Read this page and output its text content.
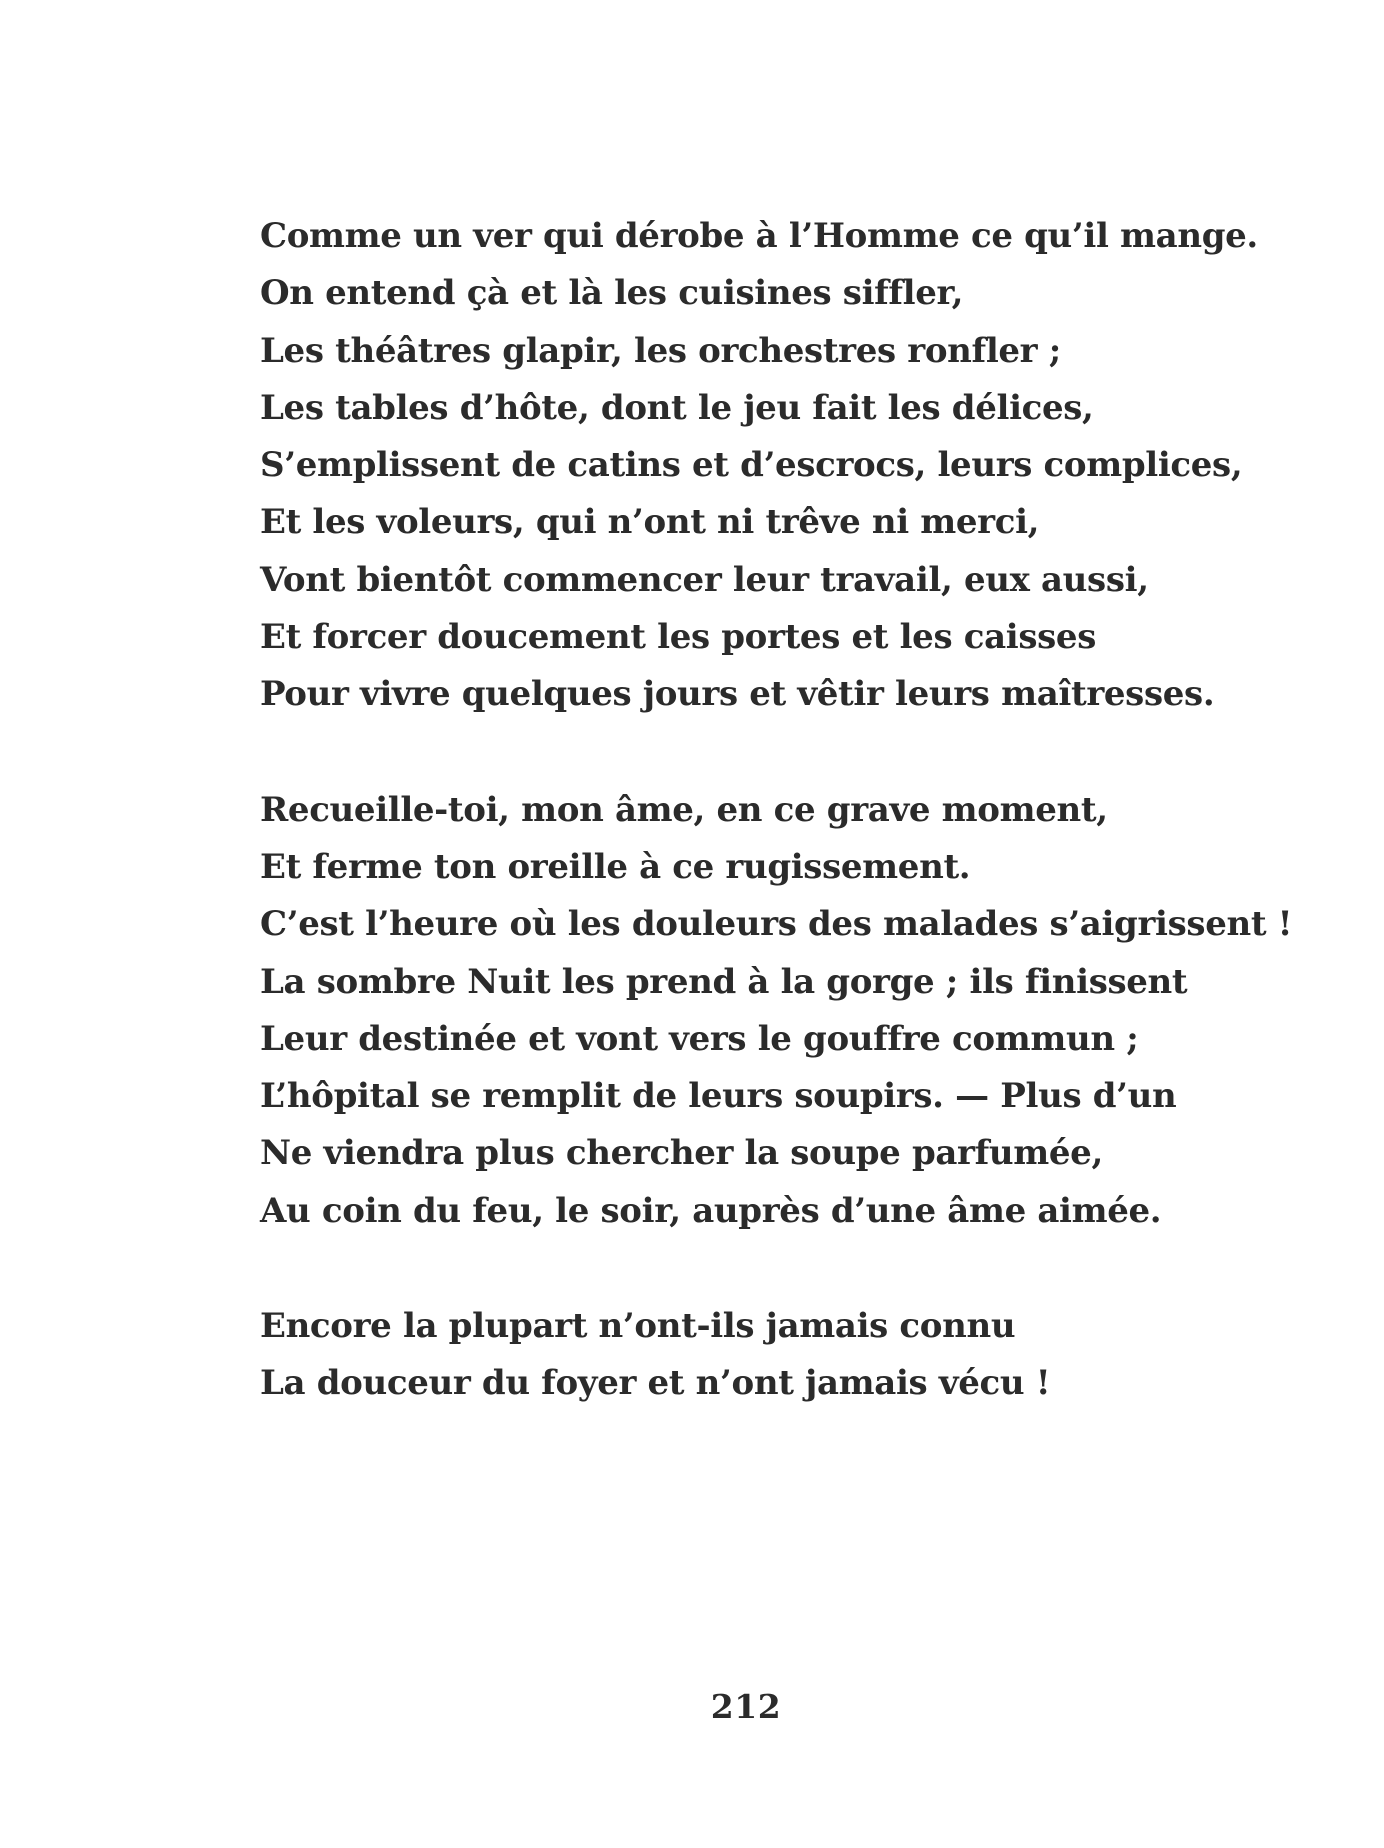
Comme un ver qui dérobe à l’Homme ce qu’il mange.

On entend çà et là les cuisines siffler,

Les théâtres glapir, les orchestres ronfler ;

Les tables d’hôte, dont le jeu fait les délices,

S’emplissent de catins et d’escrocs, leurs complices,

Et les voleurs, qui n’ont ni trêve ni merci,

Vont bientôt commencer leur travail, eux aussi,

Et forcer doucement les portes et les caisses

Pour vivre quelques jours et vêtir leurs maîtresses.

Recueille-toi, mon âme, en ce grave moment,

Et ferme ton oreille à ce rugissement.

C’est l’heure où les douleurs des malades s’aigrissent !

La sombre Nuit les prend à la gorge ; ils finissent

Leur destinée et vont vers le gouffre commun ;

L’hôpital se remplit de leurs soupirs. — Plus d’un

Ne viendra plus chercher la soupe parfumée,

Au coin du feu, le soir, auprès d’une âme aimée.

Encore la plupart n’ont-ils jamais connu

La douceur du foyer et n’ont jamais vécu !

212
